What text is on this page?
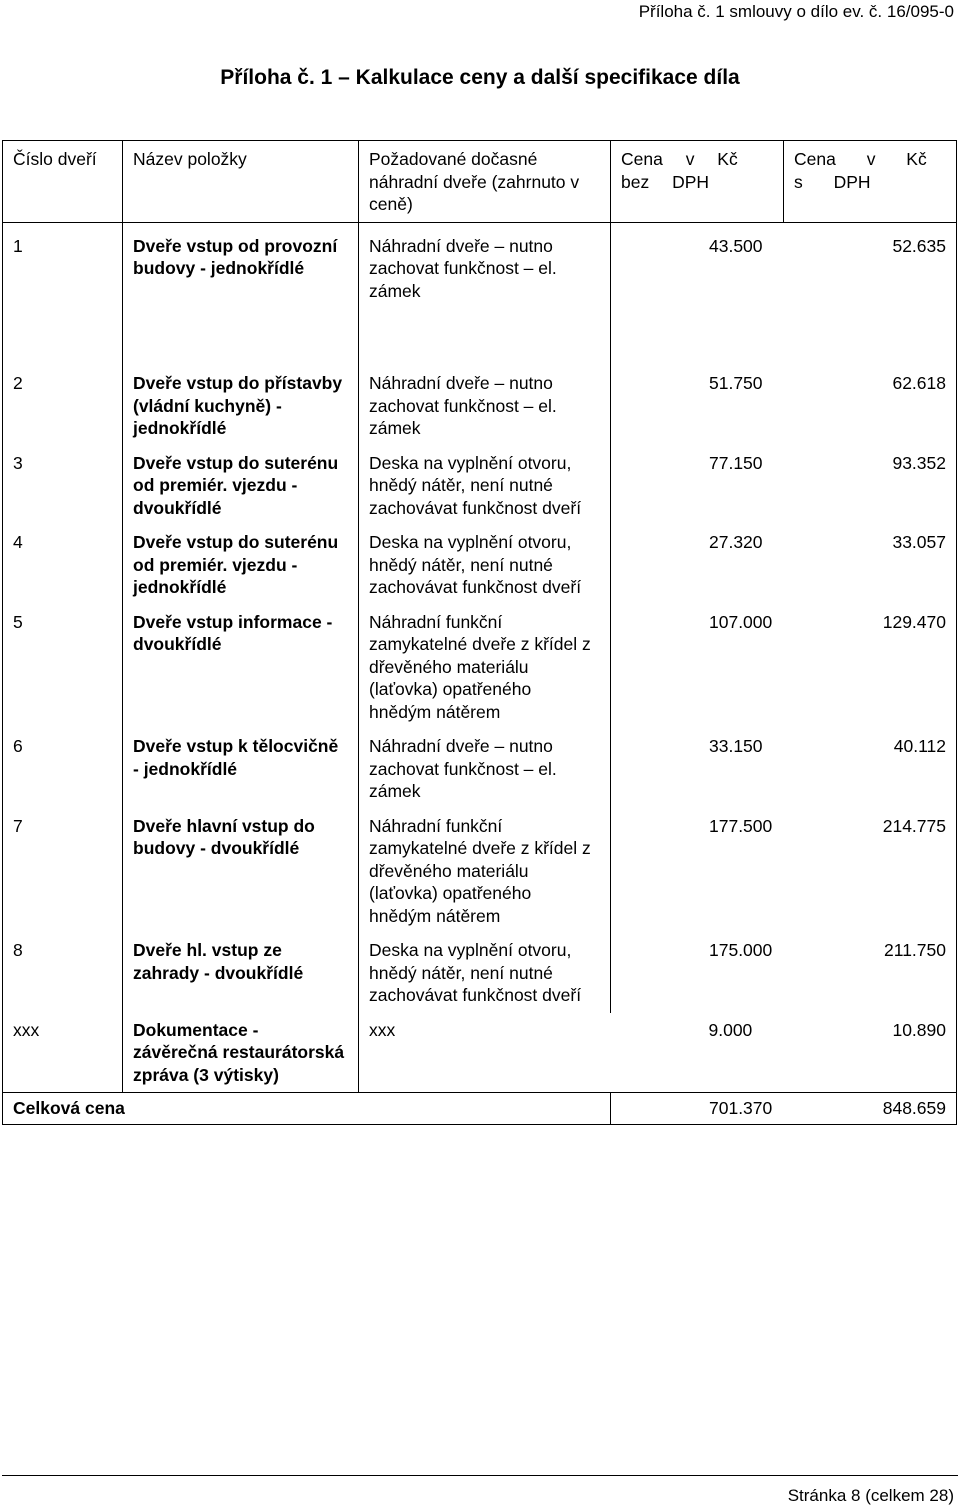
Příloha č. 1 smlouvy o dílo ev. č. 16/095-0
Příloha č. 1 – Kalkulace ceny a další specifikace díla
Číslo dveří	Název položky	Požadované dočasné náhradní dveře (zahrnuto v ceně)	Cena v Kč bez DPH	Cena v Kč s DPH
1	Dveře vstup od provozní budovy - jednokřídlé	Náhradní dveře – nutno zachovat funkčnost – el. zámek	43.500 52.635	

2	Dveře vstup do přístavby (vládní kuchyně) - jednokřídlé	Náhradní dveře – nutno zachovat funkčnost – el. zámek	51.750 62.618	

3	Dveře vstup do suterénu od premiér. vjezdu - dvoukřídlé	Deska na vyplnění otvoru, hnědý nátěr, není nutné zachovávat funkčnost dveří	77.150 93.352	

4	Dveře vstup do suterénu od premiér. vjezdu - jednokřídlé	Deska na vyplnění otvoru, hnědý nátěr, není nutné zachovávat funkčnost dveří	27.320 33.057	

5	Dveře vstup informace - dvoukřídlé	Náhradní funkční zamykatelné dveře z křídel z dřevěného materiálu (laťovka) opatřeného hnědým nátěrem	107.000 129.470	

6	Dveře vstup k tělocvičně - jednokřídlé	Náhradní dveře – nutno zachovat funkčnost – el. zámek	33.150 40.112	

7	Dveře hlavní vstup do budovy - dvoukřídlé	Náhradní funkční zamykatelné dveře z křídel z dřevěného materiálu (laťovka) opatřeného hnědým nátěrem	177.500 214.775	

8	Dveře hl. vstup ze zahrady - dvoukřídlé	Deska na vyplnění otvoru, hnědý nátěr, není nutné zachovávat funkčnost dveří	175.000 211.750	

xxx	Dokumentace - závěrečná restaurátorská zpráva (3 výtisky)	xxx	9.000 10.890	

Celková cena			701.370 848.659	
Stránka 8 (celkem 28)
